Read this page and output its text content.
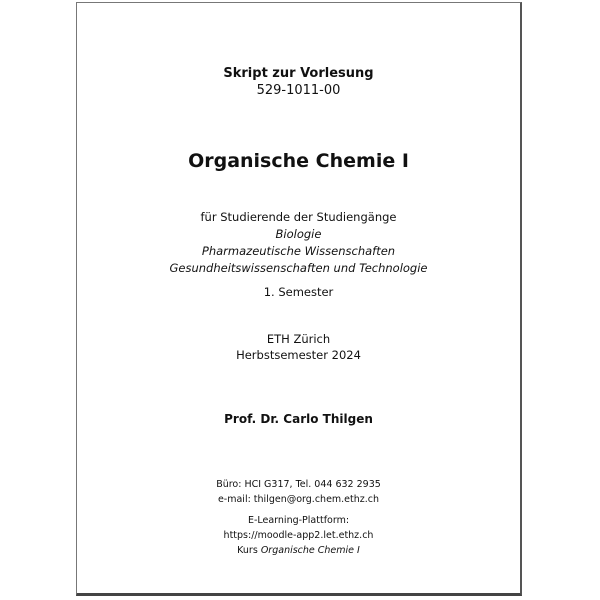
Skript zur Vorlesung
529-1011-00
Organische Chemie I
für Studierende der Studiengänge
Biologie
Pharmazeutische Wissenschaften
Gesundheitswissenschaften und Technologie
1. Semester
ETH Zürich
Herbstsemester 2024
Prof. Dr. Carlo Thilgen
Büro: HCI G317, Tel. 044 632 2935
e-mail: thilgen@org.chem.ethz.ch
E-Learning-Plattform:
https://moodle-app2.let.ethz.ch
Kurs Organische Chemie I
